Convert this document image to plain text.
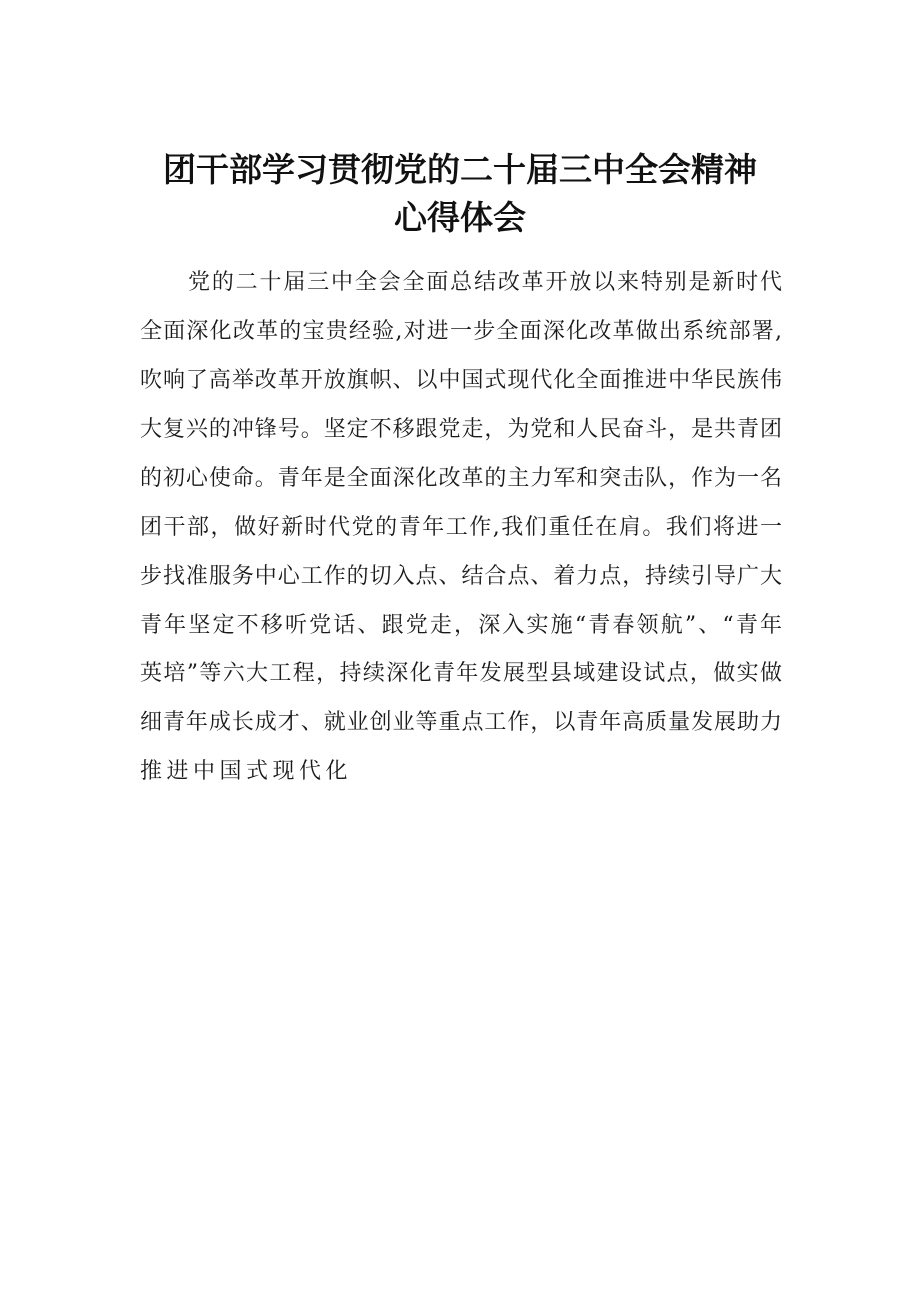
团干部学习贯彻党的二十届三中全会精神
心得体会
党的二十届三中全会全面总结改革开放以来特别是新时代
全面深化改革的宝贵经验,对进一步全面深化改革做出系统部署,
吹响了高举改革开放旗帜、以中国式现代化全面推进中华民族伟
大复兴的冲锋号。坚定不移跟党走，为党和人民奋斗，是共青团
的初心使命。青年是全面深化改革的主力军和突击队，作为一名
团干部，做好新时代党的青年工作,我们重任在肩。我们将进一
步找准服务中心工作的切入点、结合点、着力点，持续引导广大
青年坚定不移听党话、跟党走，深入实施“青春领航”、“青年
英培”等六大工程，持续深化青年发展型县域建设试点，做实做
细青年成长成才、就业创业等重点工作，以青年高质量发展助力
推进中国式现代化
